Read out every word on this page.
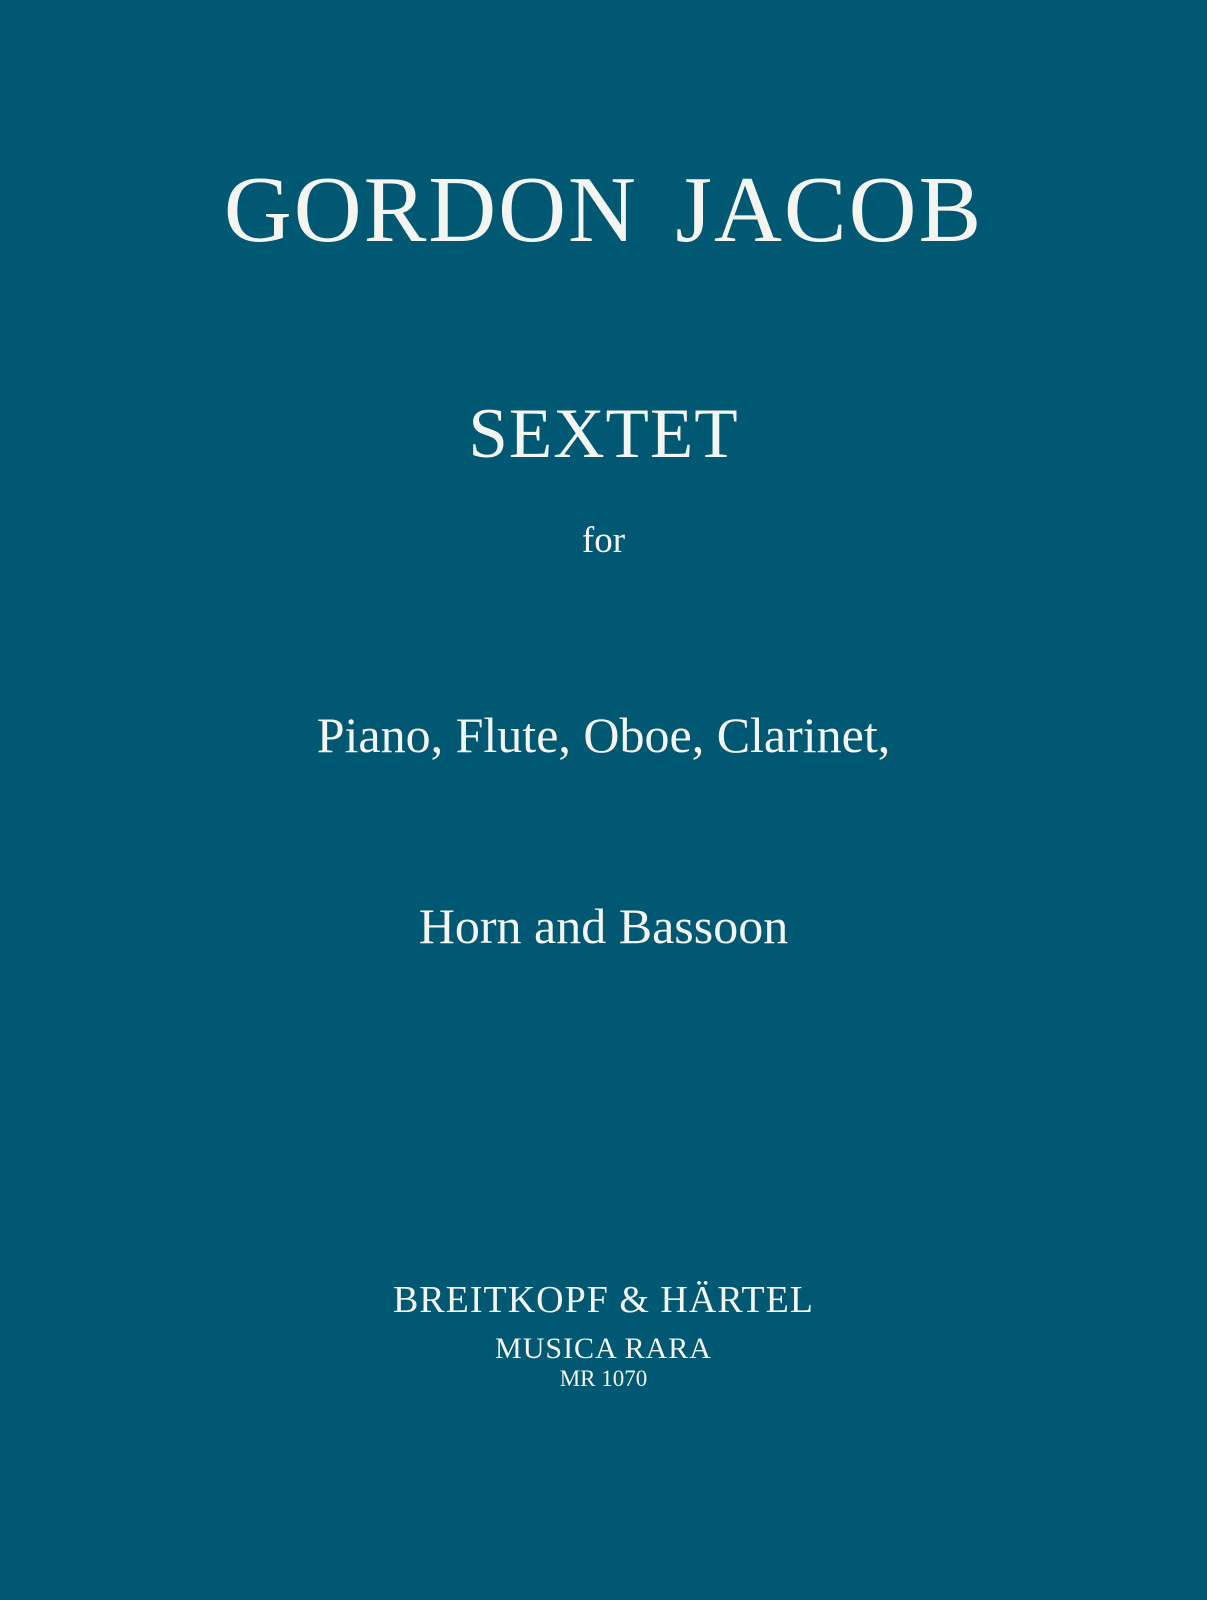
GORDON JACOB
SEXTET
for

Piano, Flute, Oboe, Clarinet,

Horn and Bassoon

BREITKOPF & HÄRTEL
MUSICA RARA
MR 1070
